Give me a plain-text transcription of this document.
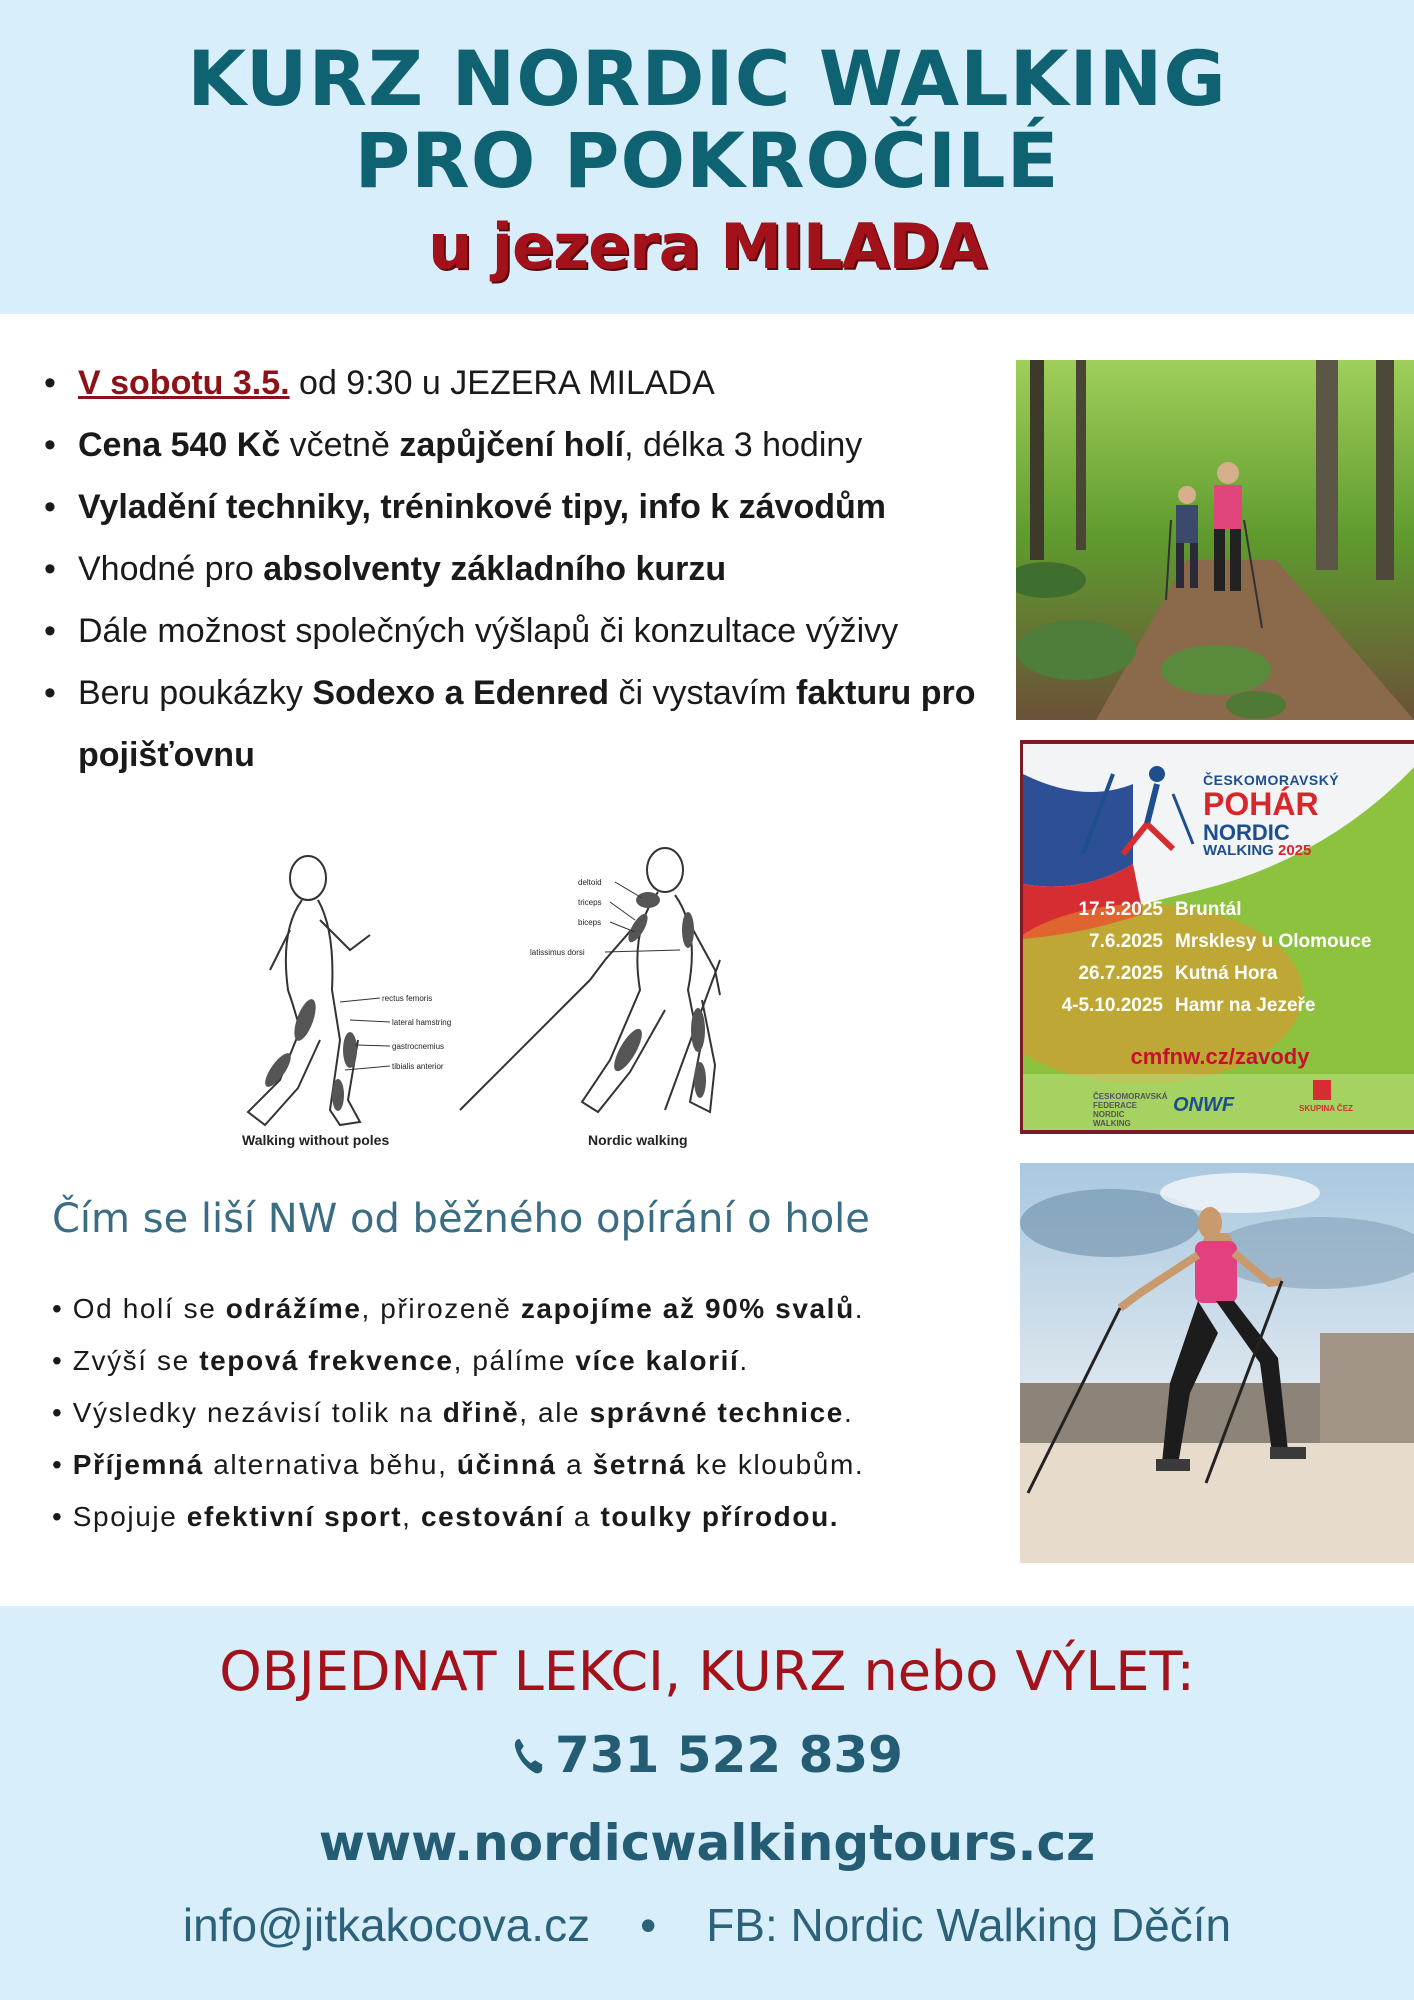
KURZ NORDIC WALKING
PRO POKROČILÉ
u jezera MILADA
• V sobotu 3.5. od 9:30 u JEZERA MILADA
• Cena 540 Kč včetně zapůjčení holí, délka 3 hodiny
• Vyladění techniky, tréninkové tipy, info k závodům
• Vhodné pro absolventy základního kurzu
• Dále možnost společných výšlapů či konzultace výživy
• Beru poukázky Sodexo a Edenred či vystavím fakturu pro pojišťovnu
ČESKOMORAVSKÝ
POHÁR
NORDIC
WALKING 2025
17.5.2025 Bruntál
7.6.2025 Mrsklesy u Olomouce
26.7.2025 Kutná Hora
4-5.10.2025 Hamr na Jezeře
cmfnw.cz/zavody
ČESKOMORAVSKÁ FEDERACE NORDIC WALKING
ONWF	SKUPINA ČEZ
rectus femoris
lateral hamstring
gastrocnemius
tibialis anterior
deltoid
triceps
biceps
latissimus dorsi
Walking without poles	Nordic walking
Čím se liší NW od běžného opírání o hole
• Od holí se odrážíme, přirozeně zapojíme až 90% svalů.
• Zvýší se tepová frekvence, pálíme více kalorií.
• Výsledky nezávisí tolik na dřině, ale správné technice.
• Příjemná alternativa běhu, účinná a šetrná ke kloubům.
• Spojuje efektivní sport, cestování a toulky přírodou.
OBJEDNAT LEKCI, KURZ nebo VÝLET:
731 522 839
www.nordicwalkingtours.cz
info@jitkakocova.cz • FB: Nordic Walking Děčín
